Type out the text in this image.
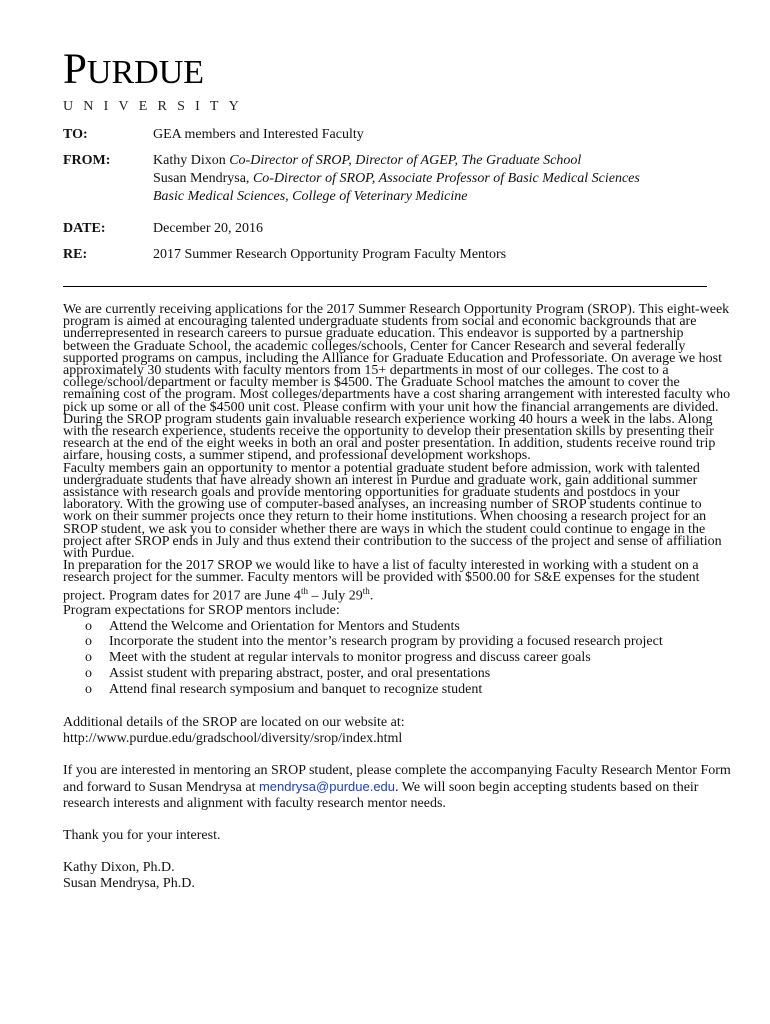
PURDUE
UNIVERSITY
TO:	GEA members and Interested Faculty
FROM:	Kathy Dixon Co-Director of SROP, Director of AGEP, The Graduate School
Susan Mendrysa, Co-Director of SROP, Associate Professor of Basic Medical Sciences
Basic Medical Sciences, College of Veterinary Medicine
DATE:	December 20, 2016
RE:	2017 Summer Research Opportunity Program Faculty Mentors

We are currently receiving applications for the 2017 Summer Research Opportunity Program (SROP). This eight-week program is aimed at encouraging talented undergraduate students from social and economic backgrounds that are underrepresented in research careers to pursue graduate education. This endeavor is supported by a partnership between the Graduate School, the academic colleges/schools, Center for Cancer Research and several federally supported programs on campus, including the Alliance for Graduate Education and Professoriate. On average we host approximately 30 students with faculty mentors from 15+ departments in most of our colleges. The cost to a college/school/department or faculty member is $4500. The Graduate School matches the amount to cover the remaining cost of the program. Most colleges/departments have a cost sharing arrangement with interested faculty who pick up some or all of the $4500 unit cost. Please confirm with your unit how the financial arrangements are divided.

During the SROP program students gain invaluable research experience working 40 hours a week in the labs. Along with the research experience, students receive the opportunity to develop their presentation skills by presenting their research at the end of the eight weeks in both an oral and poster presentation. In addition, students receive round trip airfare, housing costs, a summer stipend, and professional development workshops.

Faculty members gain an opportunity to mentor a potential graduate student before admission, work with talented undergraduate students that have already shown an interest in Purdue and graduate work, gain additional summer assistance with research goals and provide mentoring opportunities for graduate students and postdocs in your laboratory. With the growing use of computer-based analyses, an increasing number of SROP students continue to work on their summer projects once they return to their home institutions. When choosing a research project for an SROP student, we ask you to consider whether there are ways in which the student could continue to engage in the project after SROP ends in July and thus extend their contribution to the success of the project and sense of affiliation with Purdue.

In preparation for the 2017 SROP we would like to have a list of faculty interested in working with a student on a research project for the summer. Faculty mentors will be provided with $500.00 for S&E expenses for the student project. Program dates for 2017 are June 4th – July 29th.

Program expectations for SROP mentors include:

o	Attend the Welcome and Orientation for Mentors and Students
o	Incorporate the student into the mentor’s research program by providing a focused research project
o	Meet with the student at regular intervals to monitor progress and discuss career goals
o	Assist student with preparing abstract, poster, and oral presentations
o	Attend final research symposium and banquet to recognize student
Additional details of the SROP are located on our website at:
http://www.purdue.edu/gradschool/diversity/srop/index.html

If you are interested in mentoring an SROP student, please complete the accompanying Faculty Research Mentor Form and forward to Susan Mendrysa at mendrysa@purdue.edu. We will soon begin accepting students based on their research interests and alignment with faculty research mentor needs.

Thank you for your interest.

Kathy Dixon, Ph.D.
Susan Mendrysa, Ph.D.
